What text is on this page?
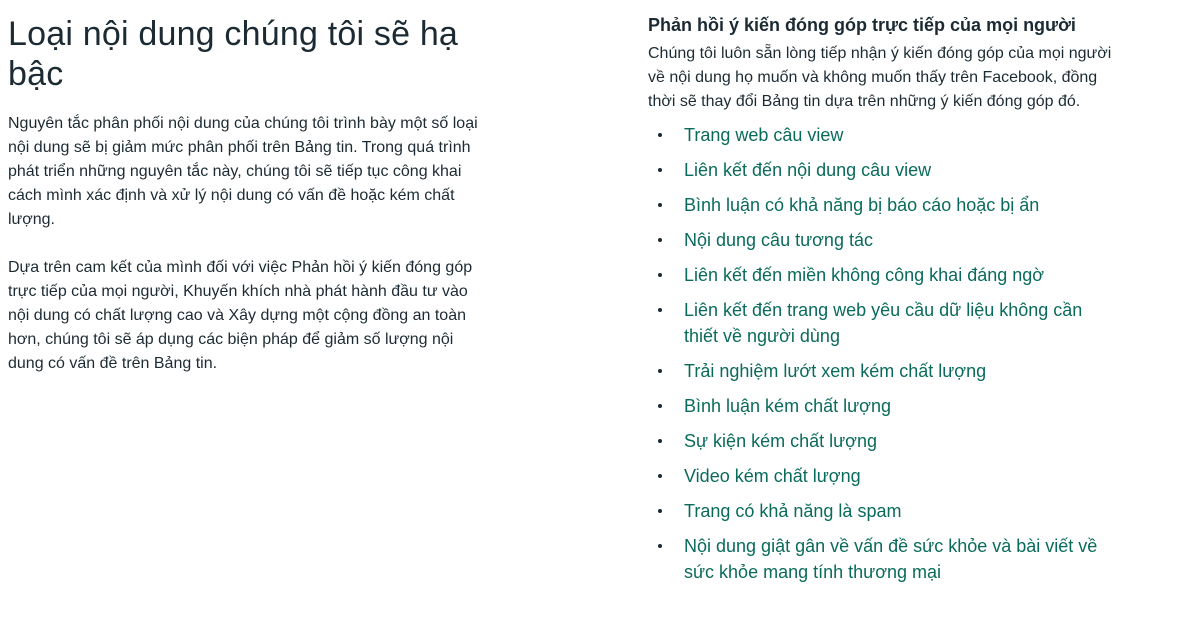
Loại nội dung chúng tôi sẽ hạ bậc

Nguyên tắc phân phối nội dung của chúng tôi trình bày một số loại nội dung sẽ bị giảm mức phân phối trên Bảng tin. Trong quá trình phát triển những nguyên tắc này, chúng tôi sẽ tiếp tục công khai cách mình xác định và xử lý nội dung có vấn đề hoặc kém chất lượng.

Dựa trên cam kết của mình đối với việc Phản hồi ý kiến đóng góp trực tiếp của mọi người, Khuyến khích nhà phát hành đầu tư vào nội dung có chất lượng cao và Xây dựng một cộng đồng an toàn hơn, chúng tôi sẽ áp dụng các biện pháp để giảm số lượng nội dung có vấn đề trên Bảng tin.

Phản hồi ý kiến đóng góp trực tiếp của mọi người

Chúng tôi luôn sẵn lòng tiếp nhận ý kiến đóng góp của mọi người về nội dung họ muốn và không muốn thấy trên Facebook, đồng thời sẽ thay đổi Bảng tin dựa trên những ý kiến đóng góp đó.

Trang web câu view
Liên kết đến nội dung câu view
Bình luận có khả năng bị báo cáo hoặc bị ẩn
Nội dung câu tương tác
Liên kết đến miền không công khai đáng ngờ
Liên kết đến trang web yêu cầu dữ liệu không cần thiết về người dùng
Trải nghiệm lướt xem kém chất lượng
Bình luận kém chất lượng
Sự kiện kém chất lượng
Video kém chất lượng
Trang có khả năng là spam
Nội dung giật gân về vấn đề sức khỏe và bài viết về sức khỏe mang tính thương mại
